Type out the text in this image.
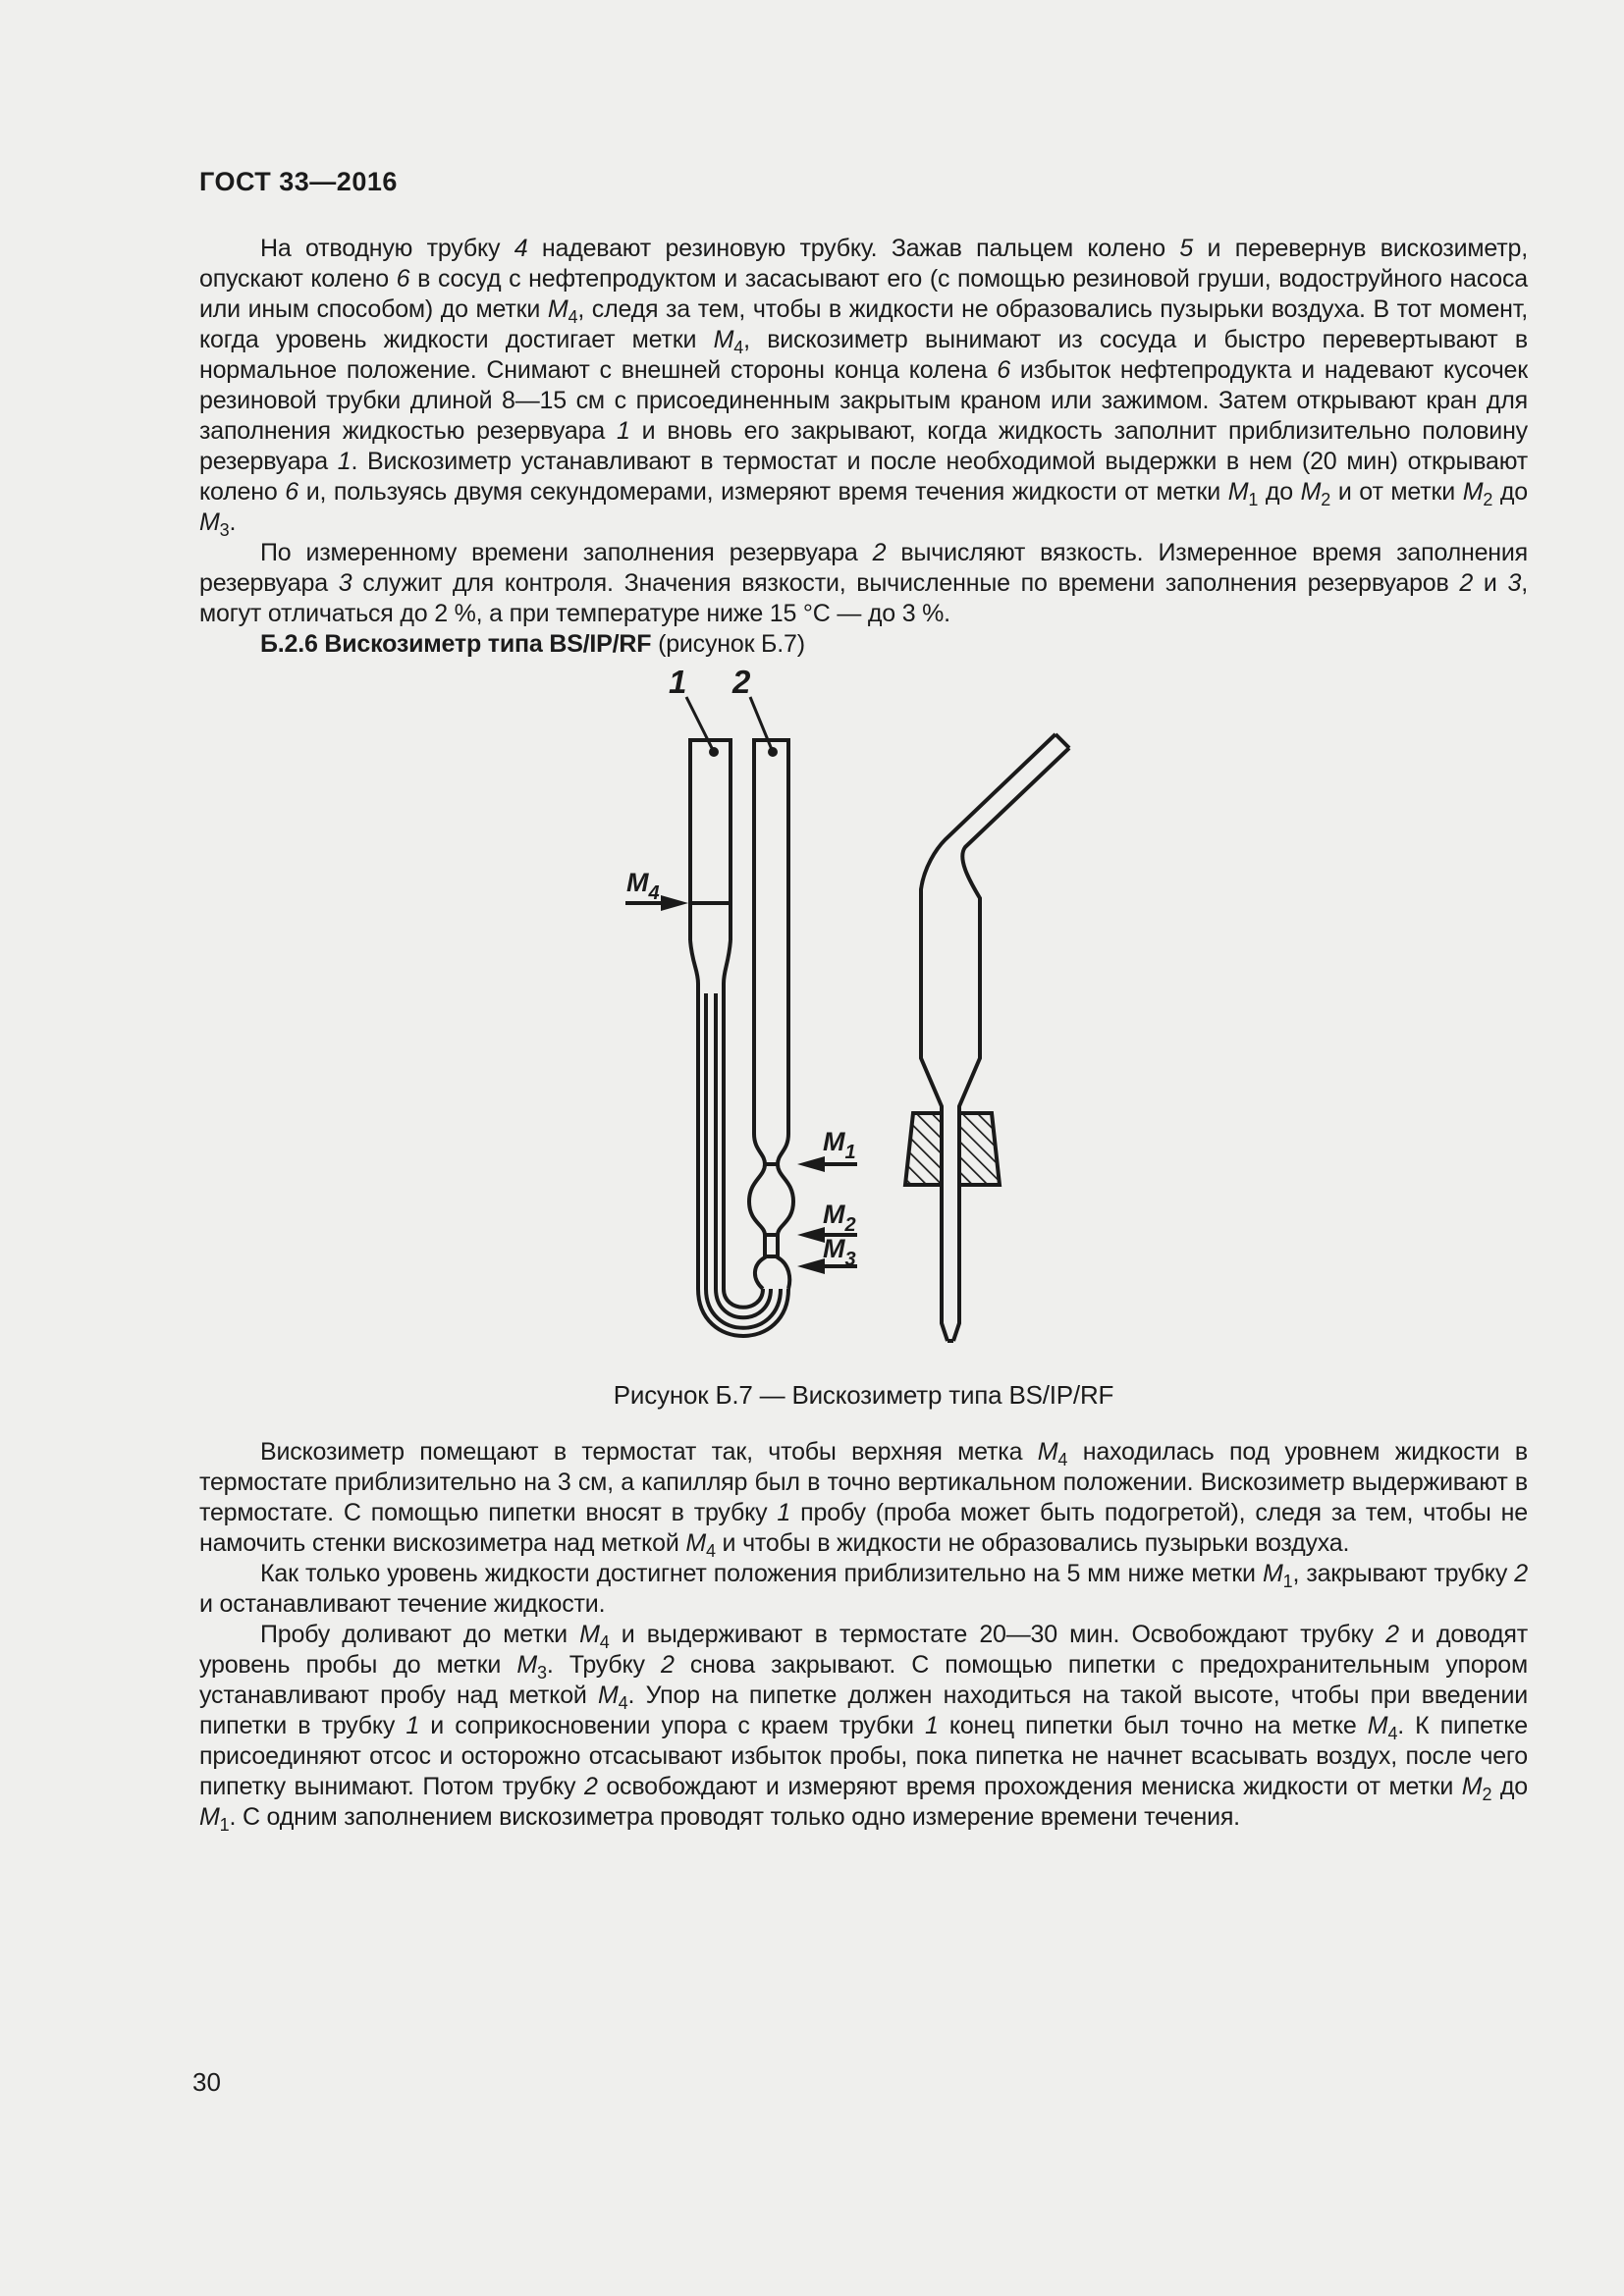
ГОСТ 33—2016

На отводную трубку 4 надевают резиновую трубку. Зажав пальцем колено 5 и перевернув вискозиметр, опускают колено 6 в сосуд с нефтепродуктом и засасывают его (с помощью резиновой груши, водоструйного насоса или иным способом) до метки $M_4$, следя за тем, чтобы в жидкости не образовались пузырьки воздуха. В тот момент, когда уровень жидкости достигает метки $M_4$, вискозиметр вынимают из сосуда и быстро перевертывают в нормальное положение. Снимают с внешней стороны конца колена 6 избыток нефтепродукта и надевают кусочек резиновой трубки длиной 8—15 см с присоединенным закрытым краном или зажимом. Затем открывают кран для заполнения жидкостью резервуара 1 и вновь его закрывают, когда жидкость заполнит приблизительно половину резервуара 1. Вискозиметр устанавливают в термостат и после необходимой выдержки в нем (20 мин) открывают колено 6 и, пользуясь двумя секундомерами, измеряют время течения жидкости от метки $M_1$ до $M_2$ и от метки $M_2$ до $M_3$.

По измеренному времени заполнения резервуара 2 вычисляют вязкость. Измеренное время заполнения резервуара 3 служит для контроля. Значения вязкости, вычисленные по времени заполнения резервуаров 2 и 3, могут отличаться до 2 %, а при температуре ниже 15 °С — до 3 %.

Б.2.6 Вискозиметр типа BS/IP/RF (рисунок Б.7)

1 2
$M_4$
$M_1$
$M_2$
$M_3$
Рисунок Б.7 — Вискозиметр типа BS/IP/RF

Вискозиметр помещают в термостат так, чтобы верхняя метка $M_4$ находилась под уровнем жидкости в термостате приблизительно на 3 см, а капилляр был в точно вертикальном положении. Вискозиметр выдерживают в термостате. С помощью пипетки вносят в трубку 1 пробу (проба может быть подогретой), следя за тем, чтобы не намочить стенки вискозиметра над меткой $M_4$ и чтобы в жидкости не образовались пузырьки воздуха.

Как только уровень жидкости достигнет положения приблизительно на 5 мм ниже метки $M_1$, закрывают трубку 2 и останавливают течение жидкости.

Пробу доливают до метки $M_4$ и выдерживают в термостате 20—30 мин. Освобождают трубку 2 и доводят уровень пробы до метки $M_3$. Трубку 2 снова закрывают. С помощью пипетки с предохранительным упором устанавливают пробу над меткой $M_4$. Упор на пипетке должен находиться на такой высоте, чтобы при введении пипетки в трубку 1 и соприкосновении упора с краем трубки 1 конец пипетки был точно на метке $M_4$. К пипетке присоединяют отсос и осторожно отсасывают избыток пробы, пока пипетка не начнет всасывать воздух, после чего пипетку вынимают. Потом трубку 2 освобождают и измеряют время прохождения мениска жидкости от метки $M_2$ до $M_1$. С одним заполнением вискозиметра проводят только одно измерение времени течения.

30
